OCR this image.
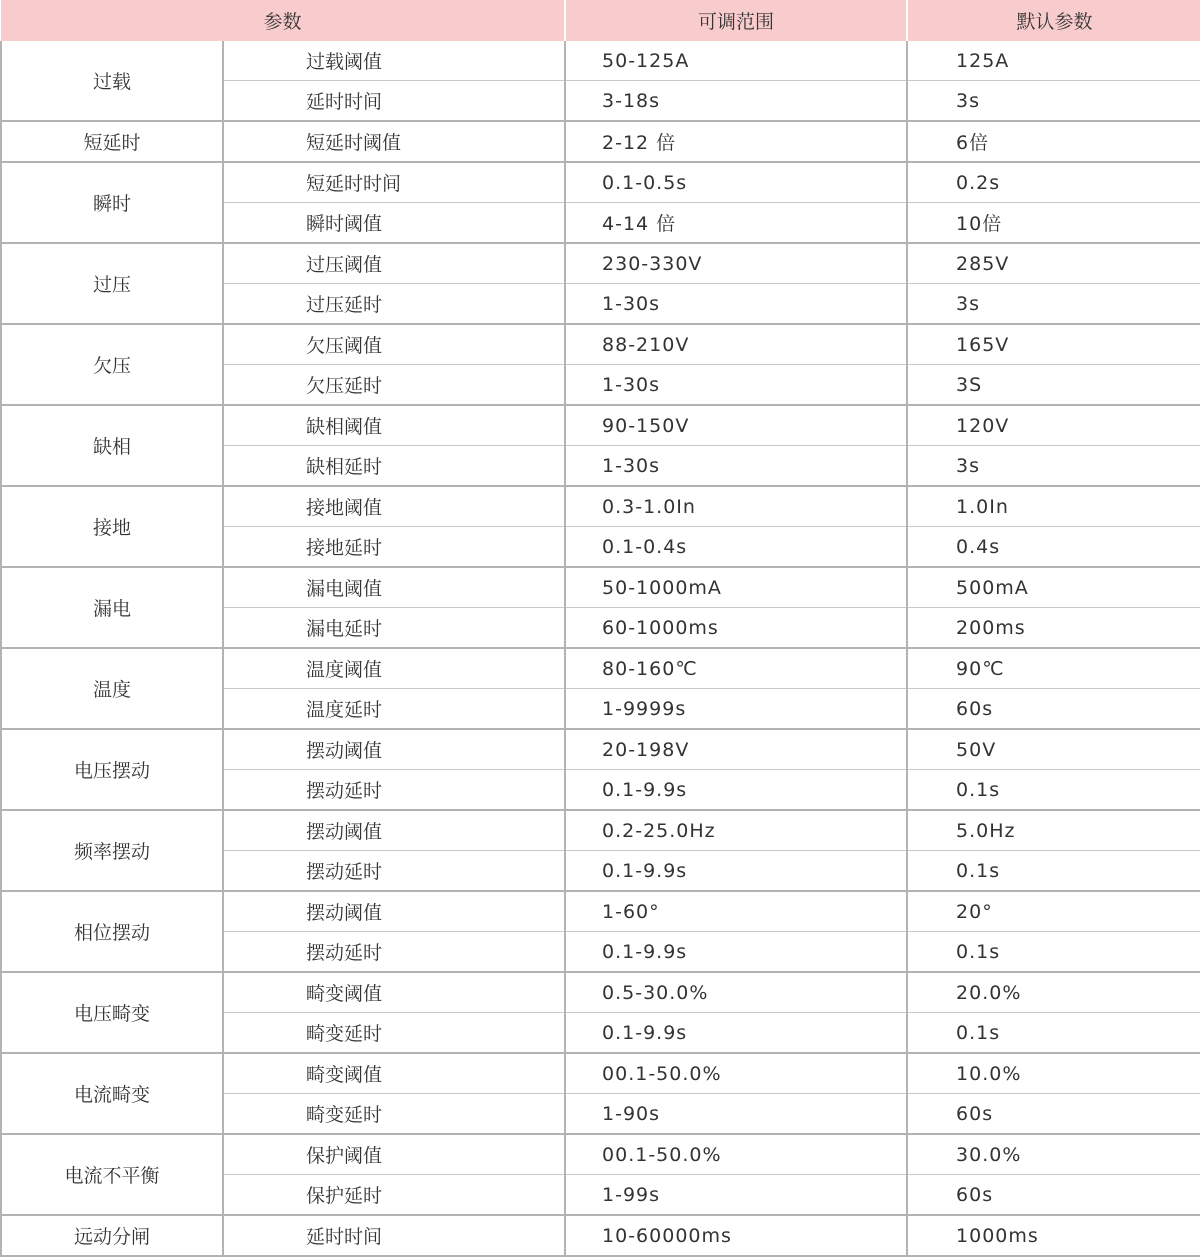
参数		可调范围	默认参数
过载	过载阈值	50-125A	125A
	延时时间	3-18s	3s
短延时	短延时阈值	2-12 倍	6倍
瞬时	短延时时间	0.1-0.5s	0.2s
	瞬时阈值	4-14 倍	10倍
过压	过压阈值	230-330V	285V
	过压延时	1-30s	3s
欠压	欠压阈值	88-210V	165V
	欠压延时	1-30s	3S
缺相	缺相阈值	90-150V	120V
	缺相延时	1-30s	3s
接地	接地阈值	0.3-1.0In	1.0In
	接地延时	0.1-0.4s	0.4s
漏电	漏电阈值	50-1000mA	500mA
	漏电延时	60-1000ms	200ms
温度	温度阈值	80-160℃	90℃
	温度延时	1-9999s	60s
电压摆动	摆动阈值	20-198V	50V
	摆动延时	0.1-9.9s	0.1s
频率摆动	摆动阈值	0.2-25.0Hz	5.0Hz
	摆动延时	0.1-9.9s	0.1s
相位摆动	摆动阈值	1-60°	20°
	摆动延时	0.1-9.9s	0.1s
电压畸变	畸变阈值	0.5-30.0%	20.0%
	畸变延时	0.1-9.9s	0.1s
电流畸变	畸变阈值	00.1-50.0%	10.0%
	畸变延时	1-90s	60s
电流不平衡	保护阈值	00.1-50.0%	30.0%
	保护延时	1-99s	60s
远动分闸	延时时间	10-60000ms	1000ms
